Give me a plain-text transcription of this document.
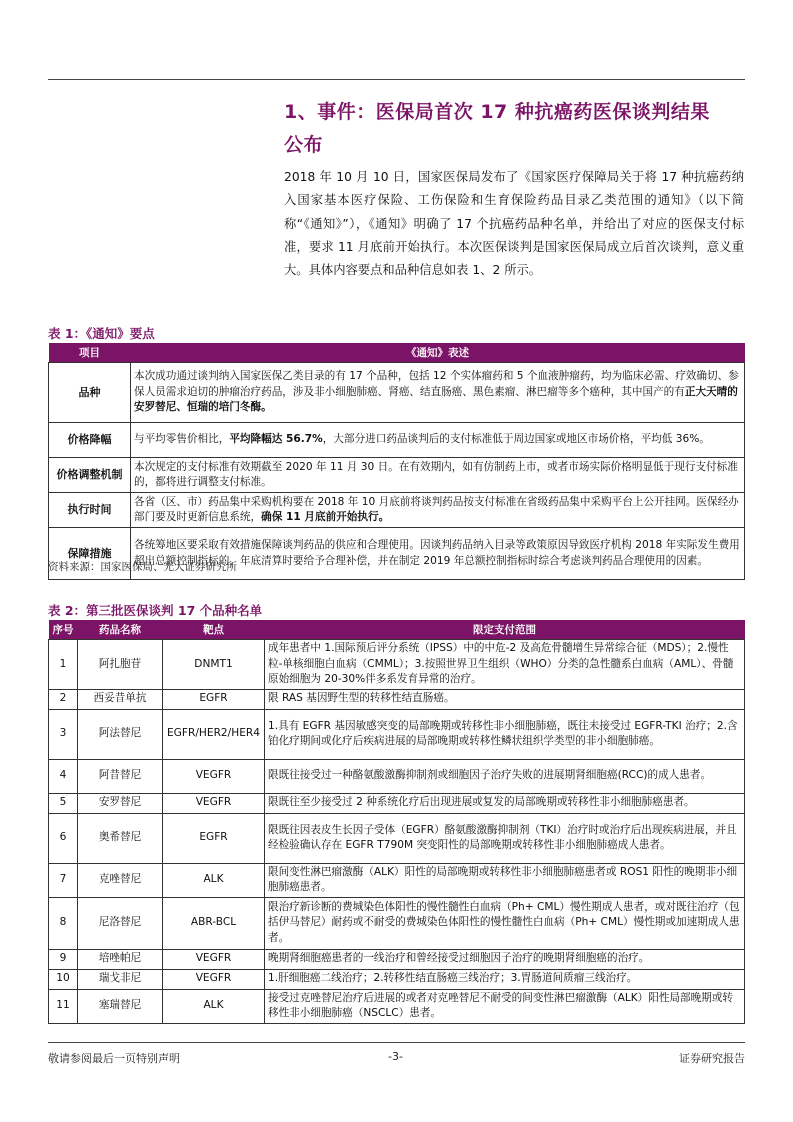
1、事件：医保局首次 17 种抗癌药医保谈判结果
公布
2018 年 10 月 10 日，国家医保局发布了《国家医疗保障局关于将 17 种抗癌药纳入国家基本医疗保险、工伤保险和生育保险药品目录乙类范围的通知》（以下简称“《通知》”），《通知》明确了 17 个抗癌药品种名单，并给出了对应的医保支付标准，要求 11 月底前开始执行。本次医保谈判是国家医保局成立后首次谈判，意义重大。具体内容要点和品种信息如表 1、2 所示。
表 1：《通知》要点
项目	《通知》表述
品种	本次成功通过谈判纳入国家医保乙类目录的有 17 个品种，包括 12 个实体瘤药和 5 个血液肿瘤药，均为临床必需、疗效确切、参保人员需求迫切的肿瘤治疗药品，涉及非小细胞肺癌、肾癌、结直肠癌、黑色素瘤、淋巴瘤等多个癌种，其中国产的有正大天晴的安罗替尼、恒瑞的培门冬酶。
价格降幅	与平均零售价相比，平均降幅达 56.7%，大部分进口药品谈判后的支付标准低于周边国家或地区市场价格，平均低 36%。
价格调整机制	本次规定的支付标准有效期截至 2020 年 11 月 30 日。在有效期内，如有仿制药上市，或者市场实际价格明显低于现行支付标准的，都将进行调整支付标准。
执行时间	各省（区、市）药品集中采购机构要在 2018 年 10 月底前将谈判药品按支付标准在省级药品集中采购平台上公开挂网。医保经办部门要及时更新信息系统，确保 11 月底前开始执行。
保障措施	各统筹地区要采取有效措施保障谈判药品的供应和合理使用。因谈判药品纳入目录等政策原因导致医疗机构 2018 年实际发生费用超出总额控制指标的，年底清算时要给予合理补偿，并在制定 2019 年总额控制指标时综合考虑谈判药品合理使用的因素。
资料来源：国家医保局、光大证券研究所
表 2：第三批医保谈判 17 个品种名单
序号	药品名称	靶点	限定支付范围
1	阿扎胞苷	DNMT1	成年患者中 1.国际预后评分系统（IPSS）中的中危-2 及高危骨髓增生异常综合征（MDS）；2.慢性粒-单核细胞白血病（CMML）；3.按照世界卫生组织（WHO）分类的急性髓系白血病（AML）、骨髓原始细胞为 20-30%伴多系发育异常的治疗。
2	西妥昔单抗	EGFR	限 RAS 基因野生型的转移性结直肠癌。
3	阿法替尼	EGFR/HER2/HER4	1.具有 EGFR 基因敏感突变的局部晚期或转移性非小细胞肺癌，既往未接受过 EGFR-TKI 治疗；2.含铂化疗期间或化疗后疾病进展的局部晚期或转移性鳞状组织学类型的非小细胞肺癌。
4	阿昔替尼	VEGFR	限既往接受过一种酪氨酸激酶抑制剂或细胞因子治疗失败的进展期肾细胞癌(RCC)的成人患者。
5	安罗替尼	VEGFR	限既往至少接受过 2 种系统化疗后出现进展或复发的局部晚期或转移性非小细胞肺癌患者。
6	奥希替尼	EGFR	限既往因表皮生长因子受体（EGFR）酪氨酸激酶抑制剂（TKI）治疗时或治疗后出现疾病进展，并且经检验确认存在 EGFR T790M 突变阳性的局部晚期或转移性非小细胞肺癌成人患者。
7	克唑替尼	ALK	限间变性淋巴瘤激酶（ALK）阳性的局部晚期或转移性非小细胞肺癌患者或 ROS1 阳性的晚期非小细胞肺癌患者。
8	尼洛替尼	ABR-BCL	限治疗新诊断的费城染色体阳性的慢性髓性白血病（Ph+ CML）慢性期成人患者，或对既往治疗（包括伊马替尼）耐药或不耐受的费城染色体阳性的慢性髓性白血病（Ph+ CML）慢性期或加速期成人患者。
9	培唑帕尼	VEGFR	晚期肾细胞癌患者的一线治疗和曾经接受过细胞因子治疗的晚期肾细胞癌的治疗。
10	瑞戈非尼	VEGFR	1.肝细胞癌二线治疗；2.转移性结直肠癌三线治疗；3.胃肠道间质瘤三线治疗。
11	塞瑞替尼	ALK	接受过克唑替尼治疗后进展的或者对克唑替尼不耐受的间变性淋巴瘤激酶（ALK）阳性局部晚期或转移性非小细胞肺癌（NSCLC）患者。
敬请参阅最后一页特别声明	-3-	证券研究报告
